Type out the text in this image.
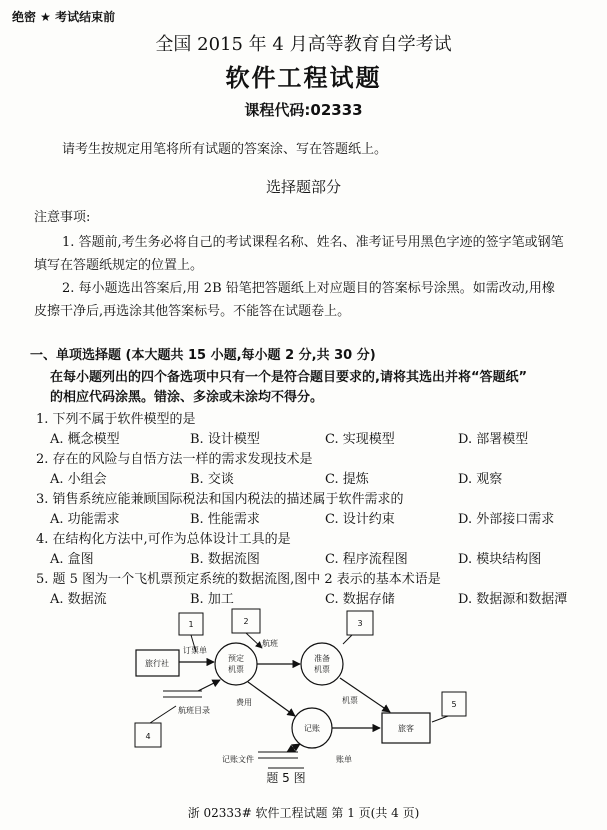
绝密 ★ 考试结束前
全国 2015 年 4 月高等教育自学考试
软件工程试题
课程代码:02333
请考生按规定用笔将所有试题的答案涂、写在答题纸上。
选择题部分
注意事项:
1. 答题前,考生务必将自己的考试课程名称、姓名、准考证号用黑色字迹的签字笔或钢笔
填写在答题纸规定的位置上。
2. 每小题选出答案后,用 2B 铅笔把答题纸上对应题目的答案标号涂黑。如需改动,用橡
皮擦干净后,再选涂其他答案标号。不能答在试题卷上。
一、单项选择题 (本大题共 15 小题,每小题 2 分,共 30 分)
在每小题列出的四个备选项中只有一个是符合题目要求的,请将其选出并将“答题纸”
的相应代码涂黑。错涂、多涂或未涂均不得分。
1. 下列不属于软件模型的是
A. 概念模型	B. 设计模型	C. 实现模型	D. 部署模型
2. 存在的风险与自悟方法一样的需求发现技术是
A. 小组会	B. 交谈	C. 提炼	D. 观察
3. 销售系统应能兼顾国际税法和国内税法的描述属于软件需求的
A. 功能需求	B. 性能需求	C. 设计约束	D. 外部接口需求
4. 在结构化方法中,可作为总体设计工具的是
A. 盒图	B. 数据流图	C. 程序流程图	D. 模块结构图
5. 题 5 图为一个飞机票预定系统的数据流图,图中 2 表示的基本术语是
A. 数据流	B. 加工	C. 数据存储	D. 数据源和数据潭
1	2	3
4
5
旅行社
旅客
预定
机票
准备
机票
记账
航班目录
记账文件
订票单
航班
费用	机票
账单
题 5 图
浙 02333# 软件工程试题 第 1 页(共 4 页)
